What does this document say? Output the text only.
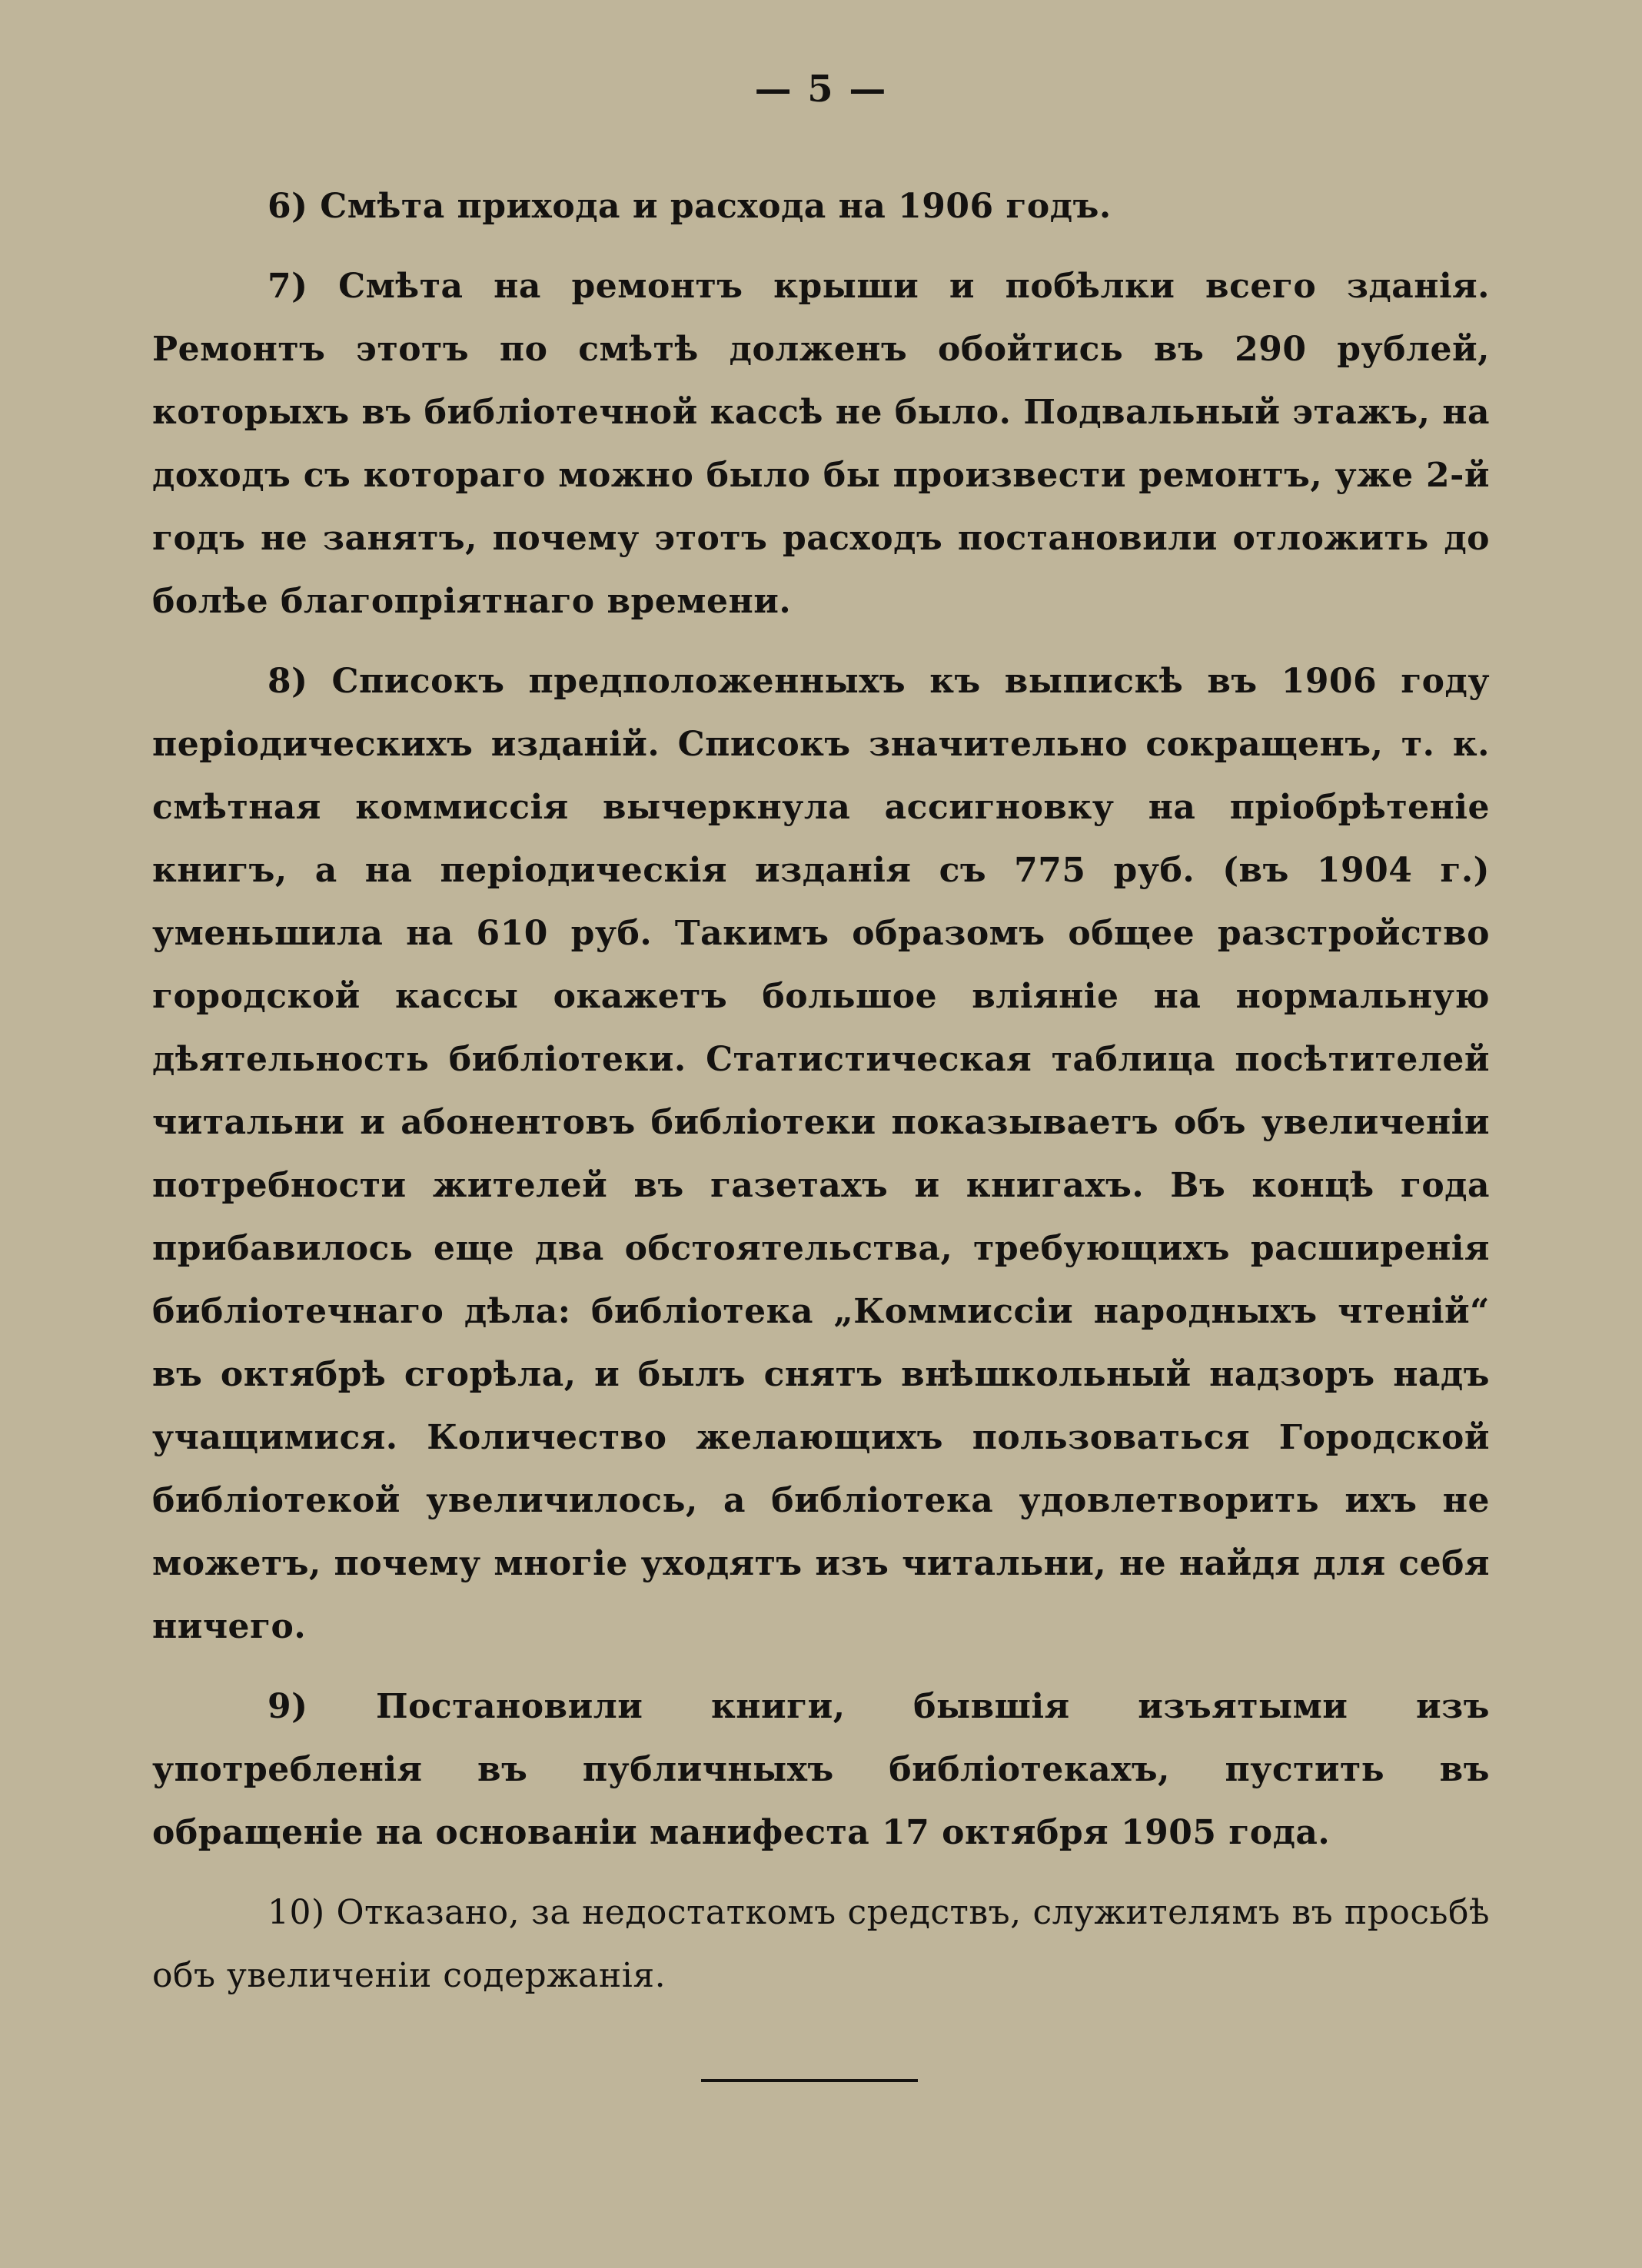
— 5 —

6) Смѣта прихода и расхода на 1906 годъ.

7) Смѣта на ремонтъ крыши и побѣлки всего зданія. Ремонтъ этотъ по смѣтѣ долженъ обойтись въ 290 рублей, которыхъ въ библіотечной кассѣ не было. Подвальный этажъ, на доходъ съ котораго можно было бы произвести ремонтъ, уже 2-й годъ не занятъ, почему этотъ расходъ постановили отложить до болѣе благопріятнаго времени.

8) Списокъ предположенныхъ къ выпискѣ въ 1906 году періодическихъ изданій. Списокъ значительно сокращенъ, т. к. смѣтная коммиссія вычеркнула ассигновку на пріобрѣтеніе книгъ, а на періодическія изданія съ 775 руб. (въ 1904 г.) уменьшила на 610 руб. Такимъ образомъ общее разстройство городской кассы окажетъ большое вліяніе на нормальную дѣятельность библіотеки. Статистическая таблица посѣтителей читальни и абонентовъ библіотеки показываетъ объ увеличеніи потребности жителей въ газетахъ и книгахъ. Въ концѣ года прибавилось еще два обстоятельства, требующихъ расширенія библіотечнаго дѣла: библіотека „Коммиссіи народныхъ чтеній“ въ октябрѣ сгорѣла, и былъ снятъ внѣшкольный надзоръ надъ учащимися. Количество желающихъ пользоваться Городской библіотекой увеличилось, а библіотека удовлетворить ихъ не можетъ, почему многіе уходятъ изъ читальни, не найдя для себя ничего.

9) Постановили книги, бывшія изъятыми изъ употребленія въ публичныхъ библіотекахъ, пустить въ обращеніе на основаніи манифеста 17 октября 1905 года.

10) Отказано, за недостаткомъ средствъ, служителямъ въ просьбѣ объ увеличеніи содержанія.
